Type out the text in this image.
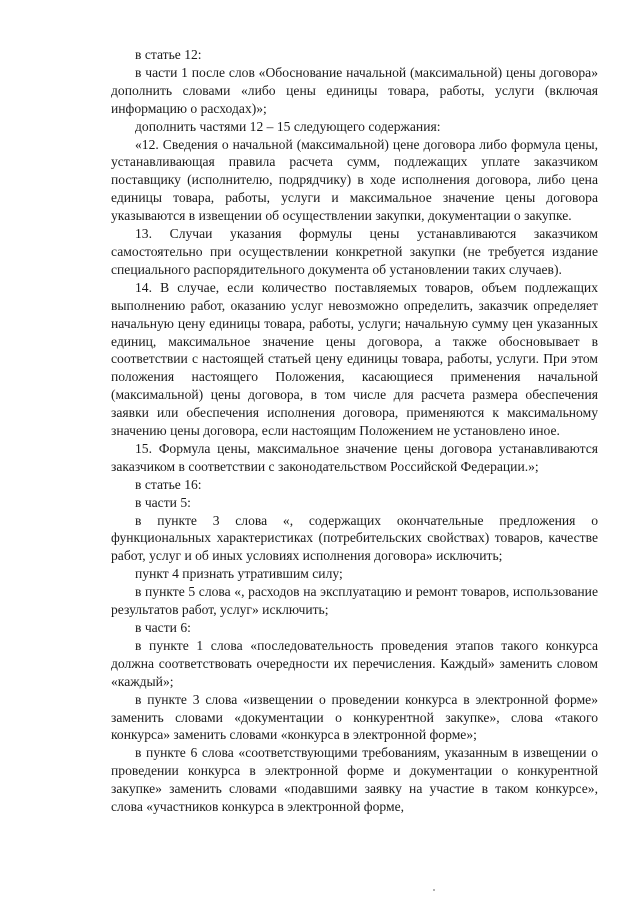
в статье 12:

в части 1 после слов «Обоснование начальной (максимальной) цены договора» дополнить словами «либо цены единицы товара, работы, услуги (включая информацию о расходах)»;

дополнить частями 12 – 15 следующего содержания:

«12. Сведения о начальной (максимальной) цене договора либо формула цены, устанавливающая правила расчета сумм, подлежащих уплате заказчиком поставщику (исполнителю, подрядчику) в ходе исполнения договора, либо цена единицы товара, работы, услуги и максимальное значение цены договора указываются в извещении об осуществлении закупки, документации о закупке.

13. Случаи указания формулы цены устанавливаются заказчиком самостоятельно при осуществлении конкретной закупки (не требуется издание специального распорядительного документа об установлении таких случаев).

14. В случае, если количество поставляемых товаров, объем подлежащих выполнению работ, оказанию услуг невозможно определить, заказчик определяет начальную цену единицы товара, работы, услуги; начальную сумму цен указанных единиц, максимальное значение цены договора, а также обосновывает в соответствии с настоящей статьей цену единицы товара, работы, услуги. При этом положения настоящего Положения, касающиеся применения начальной (максимальной) цены договора, в том числе для расчета размера обеспечения заявки или обеспечения исполнения договора, применяются к максимальному значению цены договора, если настоящим Положением не установлено иное.

15. Формула цены, максимальное значение цены договора устанавливаются заказчиком в соответствии с законодательством Российской Федерации.»;

в статье 16:

в части 5:

в пункте 3 слова «, содержащих окончательные предложения о функциональных характеристиках (потребительских свойствах) товаров, качестве работ, услуг и об иных условиях исполнения договора» исключить;

пункт 4 признать утратившим силу;

в пункте 5 слова «, расходов на эксплуатацию и ремонт товаров, использование результатов работ, услуг» исключить;

в части 6:

в пункте 1 слова «последовательность проведения этапов такого конкурса должна соответствовать очередности их перечисления. Каждый» заменить словом «каждый»;

в пункте 3 слова «извещении о проведении конкурса в электронной форме» заменить словами «документации о конкурентной закупке», слова «такого конкурса» заменить словами «конкурса в электронной форме»;

в пункте 6 слова «соответствующими требованиям, указанным в извещении о проведении конкурса в электронной форме и документации о конкурентной закупке» заменить словами «подавшими заявку на участие в таком конкурсе», слова «участников конкурса в электронной форме,
